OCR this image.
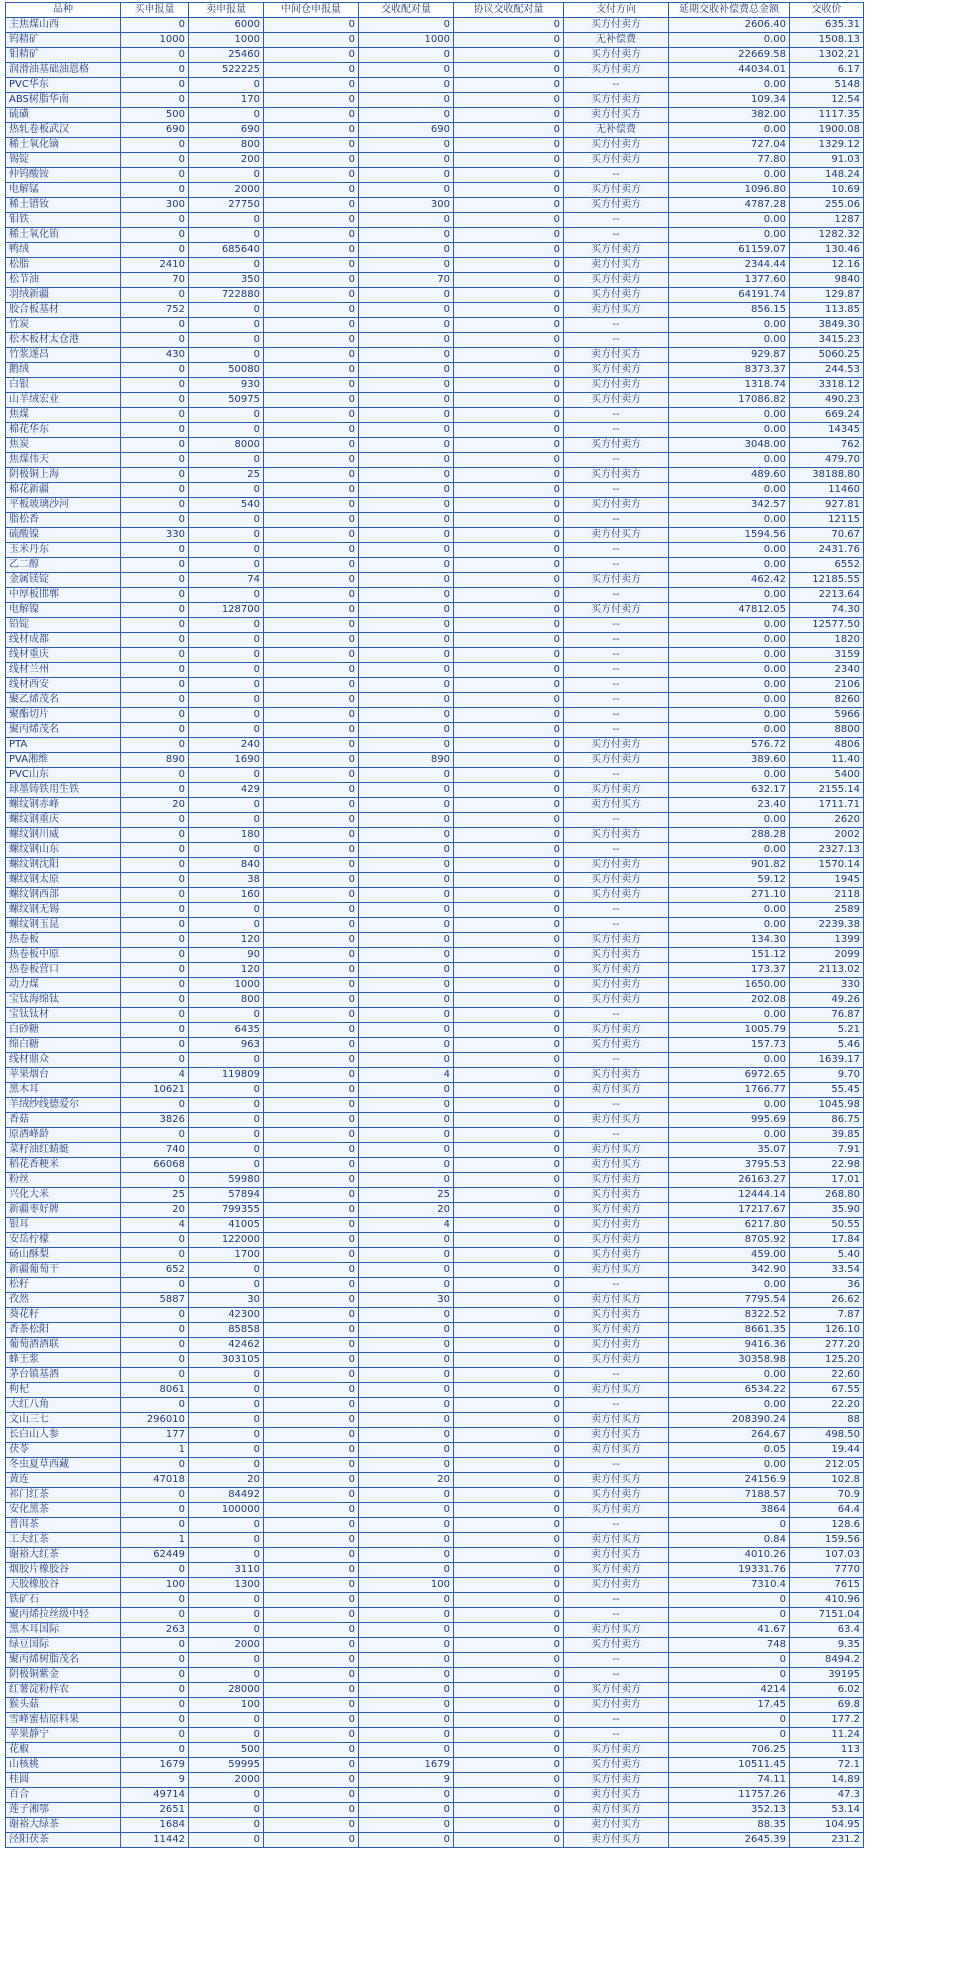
品种	买申报量	卖申报量	中间仓申报量	交收配对量	协议交收配对量	支付方向	延期交收补偿费总金额	交收价
主焦煤山西	0	6000	0	0	0	买方付卖方	2606.40	635.31
钨精矿	1000	1000	0	1000	0	无补偿费	0.00	1508.13
钼精矿	0	25460	0	0	0	买方付卖方	22669.58	1302.21
润滑油基础油恩格	0	522225	0	0	0	买方付卖方	44034.01	6.17
PVC华东	0	0	0	0	0	--	0.00	5148
ABS树脂华南	0	170	0	0	0	买方付卖方	109.34	12.54
硫磺	500	0	0	0	0	卖方付买方	382.00	1117.35
热轧卷板武汉	690	690	0	690	0	无补偿费	0.00	1900.08
稀土氧化镝	0	800	0	0	0	买方付卖方	727.04	1329.12
锡锭	0	200	0	0	0	买方付卖方	77.80	91.03
仲钨酸铵	0	0	0	0	0	--	0.00	148.24
电解锰	0	2000	0	0	0	买方付卖方	1096.80	10.69
稀土镨钕	300	27750	0	300	0	买方付卖方	4787.28	255.06
钼铁	0	0	0	0	0	--	0.00	1287
稀土氧化铕	0	0	0	0	0	--	0.00	1282.32
鸭绒	0	685640	0	0	0	买方付卖方	61159.07	130.46
松脂	2410	0	0	0	0	卖方付买方	2344.44	12.16
松节油	70	350	0	70	0	买方付卖方	1377.60	9840
羽绒新疆	0	722880	0	0	0	买方付卖方	64191.74	129.87
胶合板基材	752	0	0	0	0	卖方付买方	856.15	113.85
竹炭	0	0	0	0	0	--	0.00	3849.30
松木板材太仓港	0	0	0	0	0	--	0.00	3415.23
竹浆遂昌	430	0	0	0	0	卖方付买方	929.87	5060.25
鹅绒	0	50080	0	0	0	买方付卖方	8373.37	244.53
白银	0	930	0	0	0	买方付卖方	1318.74	3318.12
山羊绒宏业	0	50975	0	0	0	买方付卖方	17086.82	490.23
焦煤	0	0	0	0	0	--	0.00	669.24
棉花华东	0	0	0	0	0	--	0.00	14345
焦炭	0	8000	0	0	0	买方付卖方	3048.00	762
焦煤伟天	0	0	0	0	0	--	0.00	479.70
阴极铜上海	0	25	0	0	0	买方付卖方	489.60	38188.80
棉花新疆	0	0	0	0	0	--	0.00	11460
平板玻璃沙河	0	540	0	0	0	买方付卖方	342.57	927.81
脂松香	0	0	0	0	0	--	0.00	12115
硫酸镍	330	0	0	0	0	卖方付买方	1594.56	70.67
玉米丹东	0	0	0	0	0	--	0.00	2431.76
乙二醇	0	0	0	0	0	--	0.00	6552
金属镁锭	0	74	0	0	0	买方付卖方	462.42	12185.55
中厚板邯郸	0	0	0	0	0	--	0.00	2213.64
电解镍	0	128700	0	0	0	买方付卖方	47812.05	74.30
铅锭	0	0	0	0	0	--	0.00	12577.50
线材成都	0	0	0	0	0	--	0.00	1820
线材重庆	0	0	0	0	0	--	0.00	3159
线材兰州	0	0	0	0	0	--	0.00	2340
线材西安	0	0	0	0	0	--	0.00	2106
聚乙烯茂名	0	0	0	0	0	--	0.00	8260
聚酯切片	0	0	0	0	0	--	0.00	5966
聚丙烯茂名	0	0	0	0	0	--	0.00	8800
PTA	0	240	0	0	0	买方付卖方	576.72	4806
PVA湘维	890	1690	0	890	0	买方付卖方	389.60	11.40
PVC山东	0	0	0	0	0	--	0.00	5400
球墨铸铁用生铁	0	429	0	0	0	买方付卖方	632.17	2155.14
螺纹钢赤峰	20	0	0	0	0	卖方付买方	23.40	1711.71
螺纹钢重庆	0	0	0	0	0	--	0.00	2620
螺纹钢川威	0	180	0	0	0	买方付卖方	288.28	2002
螺纹钢山东	0	0	0	0	0	--	0.00	2327.13
螺纹钢沈阳	0	840	0	0	0	买方付卖方	901.82	1570.14
螺纹钢太原	0	38	0	0	0	买方付卖方	59.12	1945
螺纹钢西部	0	160	0	0	0	买方付卖方	271.10	2118
螺纹钢无锡	0	0	0	0	0	--	0.00	2589
螺纹钢玉昆	0	0	0	0	0	--	0.00	2239.38
热卷板	0	120	0	0	0	买方付卖方	134.30	1399
热卷板中原	0	90	0	0	0	买方付卖方	151.12	2099
热卷板营口	0	120	0	0	0	买方付卖方	173.37	2113.02
动力煤	0	1000	0	0	0	买方付卖方	1650.00	330
宝钛海绵钛	0	800	0	0	0	买方付卖方	202.08	49.26
宝钛钛材	0	0	0	0	0	--	0.00	76.87
白砂糖	0	6435	0	0	0	买方付卖方	1005.79	5.21
绵白糖	0	963	0	0	0	买方付卖方	157.73	5.46
线材鼎众	0	0	0	0	0	--	0.00	1639.17
苹果烟台	4	119809	0	4	0	买方付卖方	6972.65	9.70
黑木耳	10621	0	0	0	0	卖方付买方	1766.77	55.45
羊绒纱线德爱尔	0	0	0	0	0	--	0.00	1045.98
香菇	3826	0	0	0	0	卖方付买方	995.69	86.75
原酒峰龄	0	0	0	0	0	--	0.00	39.85
菜籽油红蜻蜓	740	0	0	0	0	卖方付买方	35.07	7.91
稻花香粳米	66068	0	0	0	0	卖方付买方	3795.53	22.98
粉丝	0	59980	0	0	0	买方付卖方	26163.27	17.01
兴化大米	25	57894	0	25	0	买方付卖方	12444.14	268.80
新疆枣好牌	20	799355	0	20	0	买方付卖方	17217.67	35.90
银耳	4	41005	0	4	0	买方付卖方	6217.80	50.55
安岳柠檬	0	122000	0	0	0	买方付卖方	8705.92	17.84
砀山酥梨	0	1700	0	0	0	买方付卖方	459.00	5.40
新疆葡萄干	652	0	0	0	0	卖方付买方	342.90	33.54
松籽	0	0	0	0	0	--	0.00	36
孜然	5887	30	0	30	0	卖方付买方	7795.54	26.62
葵花籽	0	42300	0	0	0	买方付卖方	8322.52	7.87
香茶松阳	0	85858	0	0	0	买方付卖方	8661.35	126.10
葡萄酒酒联	0	42462	0	0	0	买方付卖方	9416.36	277.20
蜂王浆	0	303105	0	0	0	买方付卖方	30358.98	125.20
茅台镇基酒	0	0	0	0	0	--	0.00	22.60
枸杞	8061	0	0	0	0	卖方付买方	6534.22	67.55
大红八角	0	0	0	0	0	--	0.00	22.20
文山三七	296010	0	0	0	0	卖方付买方	208390.24	88
长白山人参	177	0	0	0	0	卖方付买方	264.67	498.50
茯苓	1	0	0	0	0	卖方付买方	0.05	19.44
冬虫夏草西藏	0	0	0	0	0	--	0.00	212.05
黄连	47018	20	0	20	0	卖方付买方	24156.9	102.8
祁门红茶	0	84492	0	0	0	买方付卖方	7188.57	70.9
安化黑茶	0	100000	0	0	0	买方付卖方	3864	64.4
普洱茶	0	0	0	0	0	--	0	128.6
工夫红茶	1	0	0	0	0	卖方付买方	0.84	159.56
谢裕大红茶	62449	0	0	0	0	卖方付买方	4010.26	107.03
烟胶片橡胶谷	0	3110	0	0	0	买方付卖方	19331.76	7770
天胶橡胶谷	100	1300	0	100	0	买方付卖方	7310.4	7615
铁矿石	0	0	0	0	0	--	0	410.96
聚丙烯拉丝级中轻	0	0	0	0	0	--	0	7151.04
黑木耳国际	263	0	0	0	0	卖方付买方	41.67	63.4
绿豆国际	0	2000	0	0	0	买方付卖方	748	9.35
聚丙烯树脂茂名	0	0	0	0	0	--	0	8494.2
阴极铜紫金	0	0	0	0	0	--	0	39195
红薯淀粉梓农	0	28000	0	0	0	买方付卖方	4214	6.02
猴头菇	0	100	0	0	0	买方付卖方	17.45	69.8
雪峰蜜桔原料果	0	0	0	0	0	--	0	177.2
苹果静宁	0	0	0	0	0	--	0	11.24
花椒	0	500	0	0	0	买方付卖方	706.25	113
山核桃	1679	59995	0	1679	0	买方付卖方	10511.45	72.1
桂圆	9	2000	0	9	0	买方付卖方	74.11	14.89
百合	49714	0	0	0	0	卖方付买方	11757.26	47.3
莲子湘鄂	2651	0	0	0	0	卖方付买方	352.13	53.14
谢裕大绿茶	1684	0	0	0	0	卖方付买方	88.35	104.95
泾阳茯茶	11442	0	0	0	0	卖方付买方	2645.39	231.2
